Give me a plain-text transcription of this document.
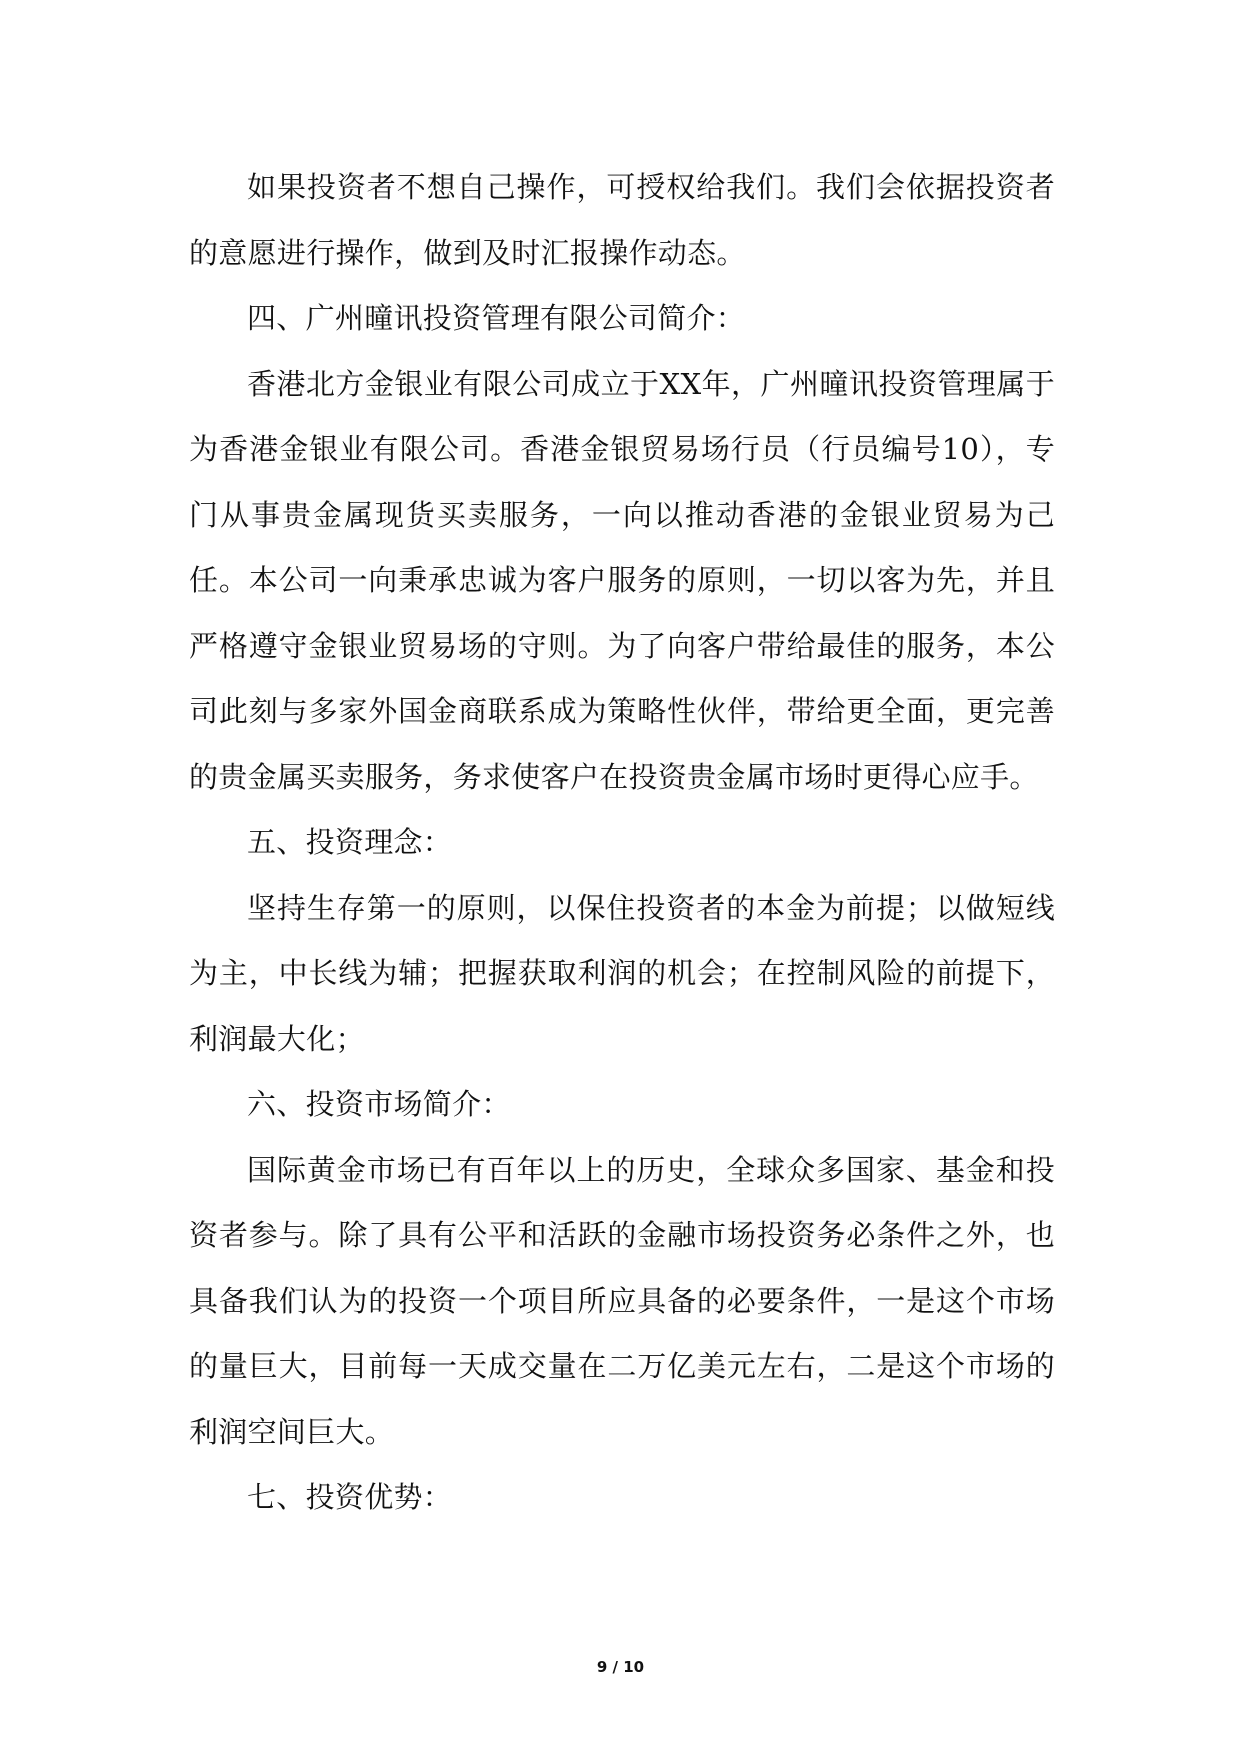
如果投资者不想自己操作，可授权给我们。我们会依据投资者的意愿进行操作，做到及时汇报操作动态。

四、广州曈讯投资管理有限公司简介：

香港北方金银业有限公司成立于XX年，广州曈讯投资管理属于为香港金银业有限公司。香港金银贸易场行员（行员编号10），专门从事贵金属现货买卖服务，一向以推动香港的金银业贸易为己任。本公司一向秉承忠诚为客户服务的原则，一切以客为先，并且严格遵守金银业贸易场的守则。为了向客户带给最佳的服务，本公司此刻与多家外国金商联系成为策略性伙伴，带给更全面，更完善的贵金属买卖服务，务求使客户在投资贵金属市场时更得心应手。

五、投资理念：

坚持生存第一的原则，以保住投资者的本金为前提；以做短线为主，中长线为辅；把握获取利润的机会；在控制风险的前提下，利润最大化；

六、投资市场简介：

国际黄金市场已有百年以上的历史，全球众多国家、基金和投资者参与。除了具有公平和活跃的金融市场投资务必条件之外，也具备我们认为的投资一个项目所应具备的必要条件，一是这个市场的量巨大，目前每一天成交量在二万亿美元左右，二是这个市场的利润空间巨大。

七、投资优势：

9 / 10
